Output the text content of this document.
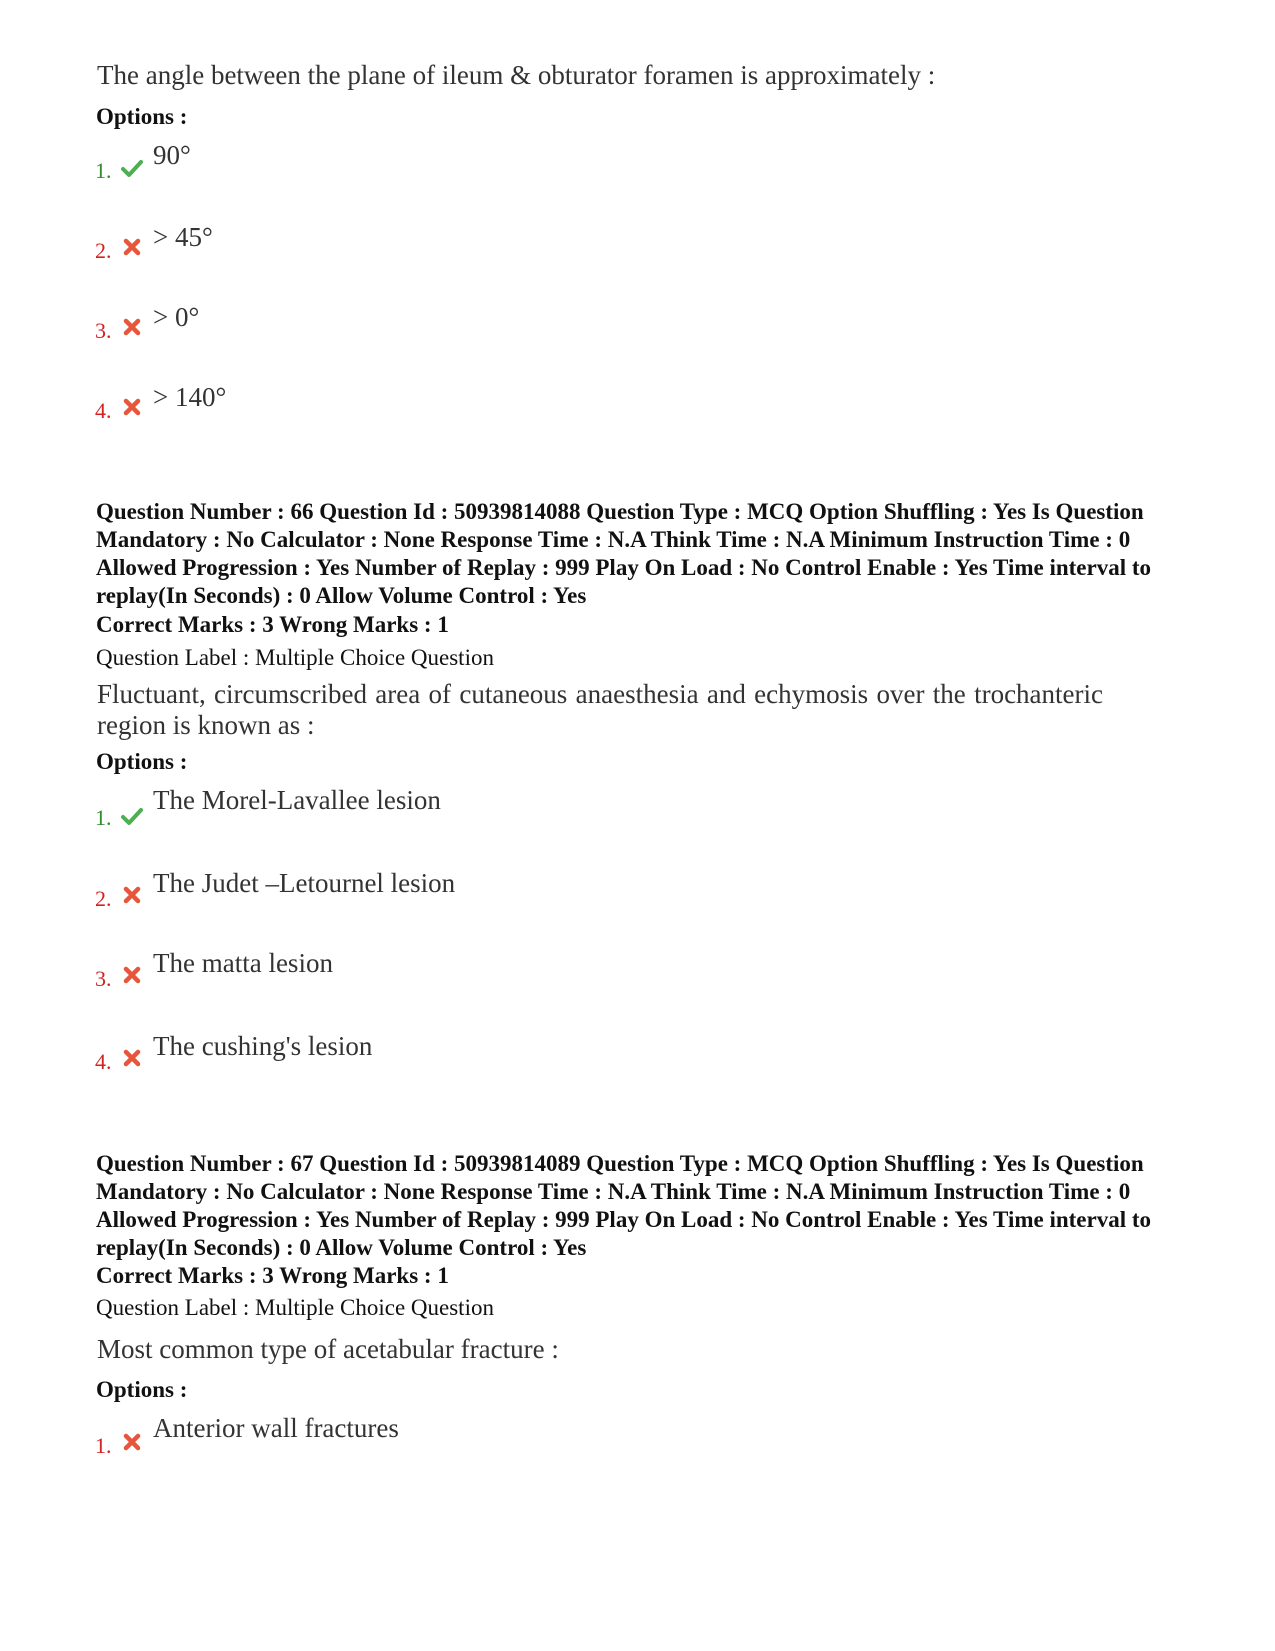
The angle between the plane of ileum & obturator foramen is approximately :
Options :
1.
90°
2. > 45°
3. > 0°
4. > 140°
Question Number : 66 Question Id : 50939814088 Question Type : MCQ Option Shuffling : Yes Is Question Mandatory : No Calculator : None Response Time : N.A Think Time : N.A Minimum Instruction Time : 0 Allowed Progression : Yes Number of Replay : 999 Play On Load : No Control Enable : Yes Time interval to replay(In Seconds) : 0 Allow Volume Control : Yes
Correct Marks : 3 Wrong Marks : 1
Question Label : Multiple Choice Question
Fluctuant, circumscribed area of cutaneous anaesthesia and echymosis over the trochanteric region is known as :
Options :
1.
The Morel-Lavallee lesion
2.
The Judet –Letournel lesion
3.
The matta lesion
4.
The cushing's lesion
Question Number : 67 Question Id : 50939814089 Question Type : MCQ Option Shuffling : Yes Is Question Mandatory : No Calculator : None Response Time : N.A Think Time : N.A Minimum Instruction Time : 0 Allowed Progression : Yes Number of Replay : 999 Play On Load : No Control Enable : Yes Time interval to replay(In Seconds) : 0 Allow Volume Control : Yes
Correct Marks : 3 Wrong Marks : 1
Question Label : Multiple Choice Question
Most common type of acetabular fracture :
Options :
1.
Anterior wall fractures
